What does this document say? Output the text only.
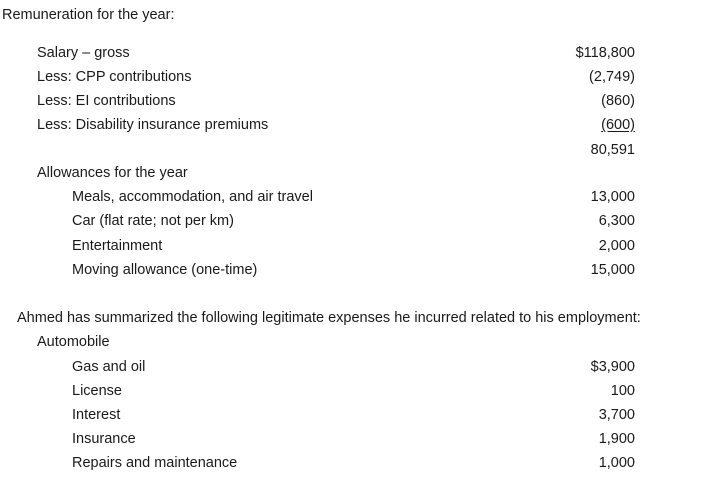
Remuneration for the year:
Salary – gross	$118,800
Less: CPP contributions	(2,749)
Less: EI contributions	(860)
Less: Disability insurance premiums	(600)
80,591
Allowances for the year
Meals, accommodation, and air travel	13,000
Car (flat rate; not per km)	6,300
Entertainment	2,000
Moving allowance (one-time)	15,000
Ahmed has summarized the following legitimate expenses he incurred related to his employment:
Automobile
Gas and oil	$3,900
License	100
Interest	3,700
Insurance	1,900
Repairs and maintenance	1,000
